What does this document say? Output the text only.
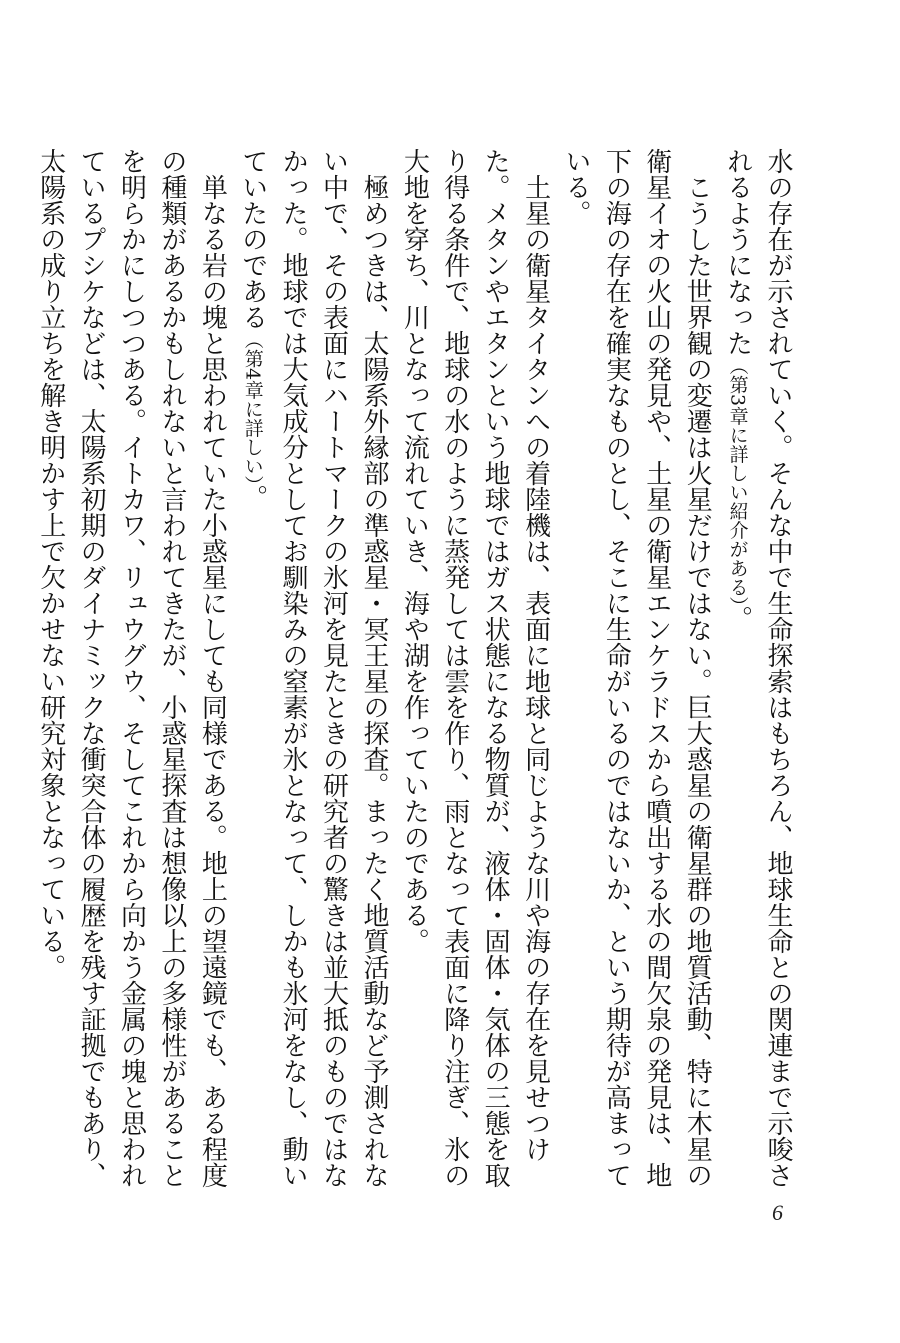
水の存在が示されていく。そんな中で生命探索はもちろん、地球生命との関連まで示唆されるようになった（第3章に詳しい紹介がある）。

こうした世界観の変遷は火星だけではない。巨大惑星の衛星群の地質活動、特に木星の衛星イオの火山の発見や、土星の衛星エンケラドスから噴出する水の間欠泉の発見は、地下の海の存在を確実なものとし、そこに生命がいるのではないか、という期待が高まっている。

土星の衛星タイタンへの着陸機は、表面に地球と同じような川や海の存在を見せつけた。メタンやエタンという地球ではガス状態になる物質が、液体・固体・気体の三態を取り得る条件で、地球の水のように蒸発しては雲を作り、雨となって表面に降り注ぎ、氷の大地を穿ち、川となって流れていき、海や湖を作っていたのである。

極めつきは、太陽系外縁部の準惑星・冥王星の探査。まったく地質活動など予測されない中で、その表面にハートマークの氷河を見たときの研究者の驚きは並大抵のものではなかった。地球では大気成分としてお馴染みの窒素が氷となって、しかも氷河をなし、動いていたのである（第4章に詳しい）。

単なる岩の塊と思われていた小惑星にしても同様である。地上の望遠鏡でも、ある程度の種類があるかもしれないと言われてきたが、小惑星探査は想像以上の多様性があることを明らかにしつつある。イトカワ、リュウグウ、そしてこれから向かう金属の塊と思われているプシケなどは、太陽系初期のダイナミックな衝突合体の履歴を残す証拠でもあり、太陽系の成り立ちを解き明かす上で欠かせない研究対象となっている。

6
